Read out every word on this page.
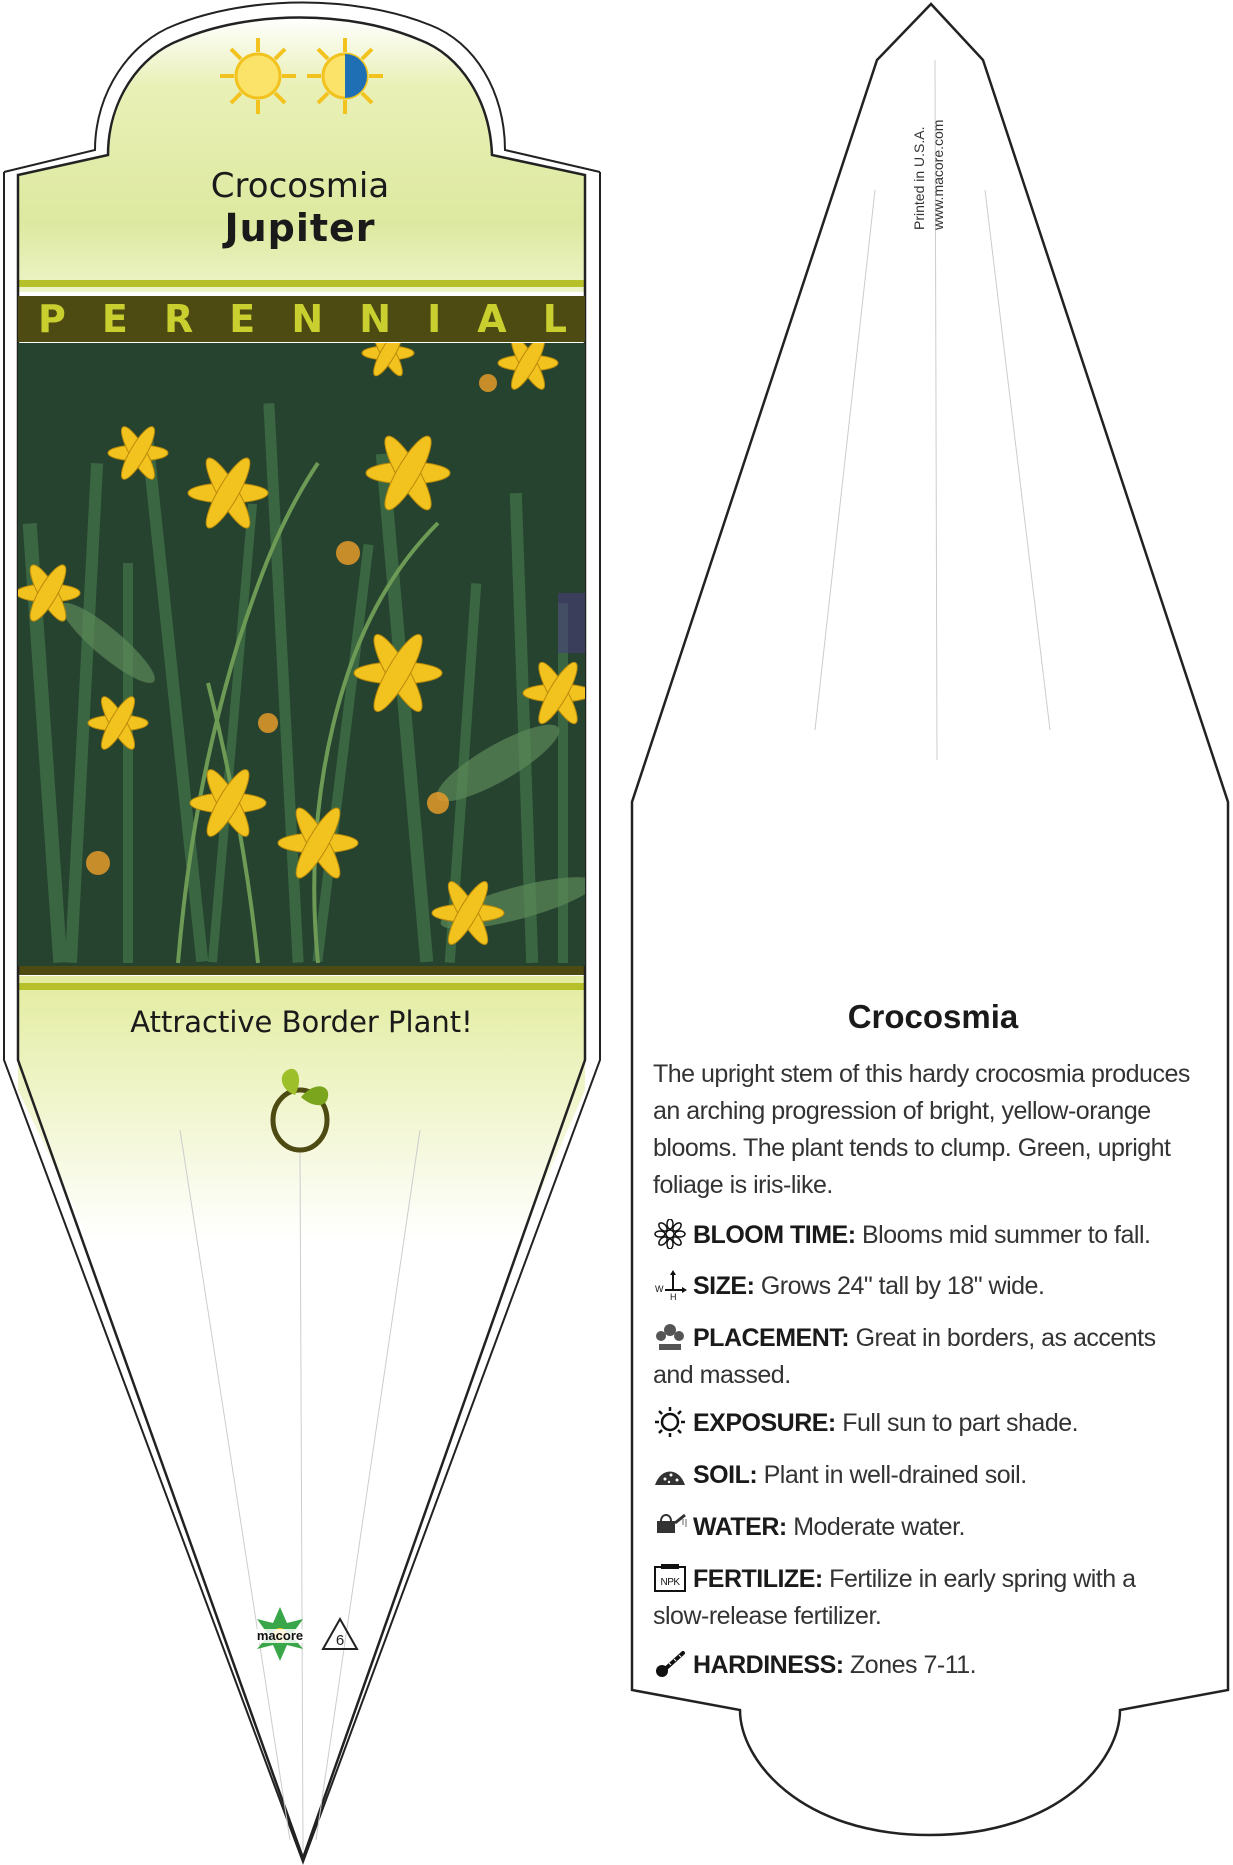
Crocosmia
Jupiter
P E R E N N I A L
Attractive Border Plant!
macore 6
Printed in U.S.A. www.macore.com
Crocosmia
The upright stem of this hardy crocosmia produces an arching progression of bright, yellow-orange blooms. The plant tends to clump. Green, upright foliage is iris-like.
BLOOM TIME: Blooms mid summer to fall.
W
H SIZE: Grows 24" tall by 18" wide.
PLACEMENT: Great in borders, as accents and massed.
EXPOSURE: Full sun to part shade.
SOIL: Plant in well-drained soil.
WATER: Moderate water.
NPK FERTILIZE: Fertilize in early spring with a slow-release fertilizer.
HARDINESS: Zones 7-11.
